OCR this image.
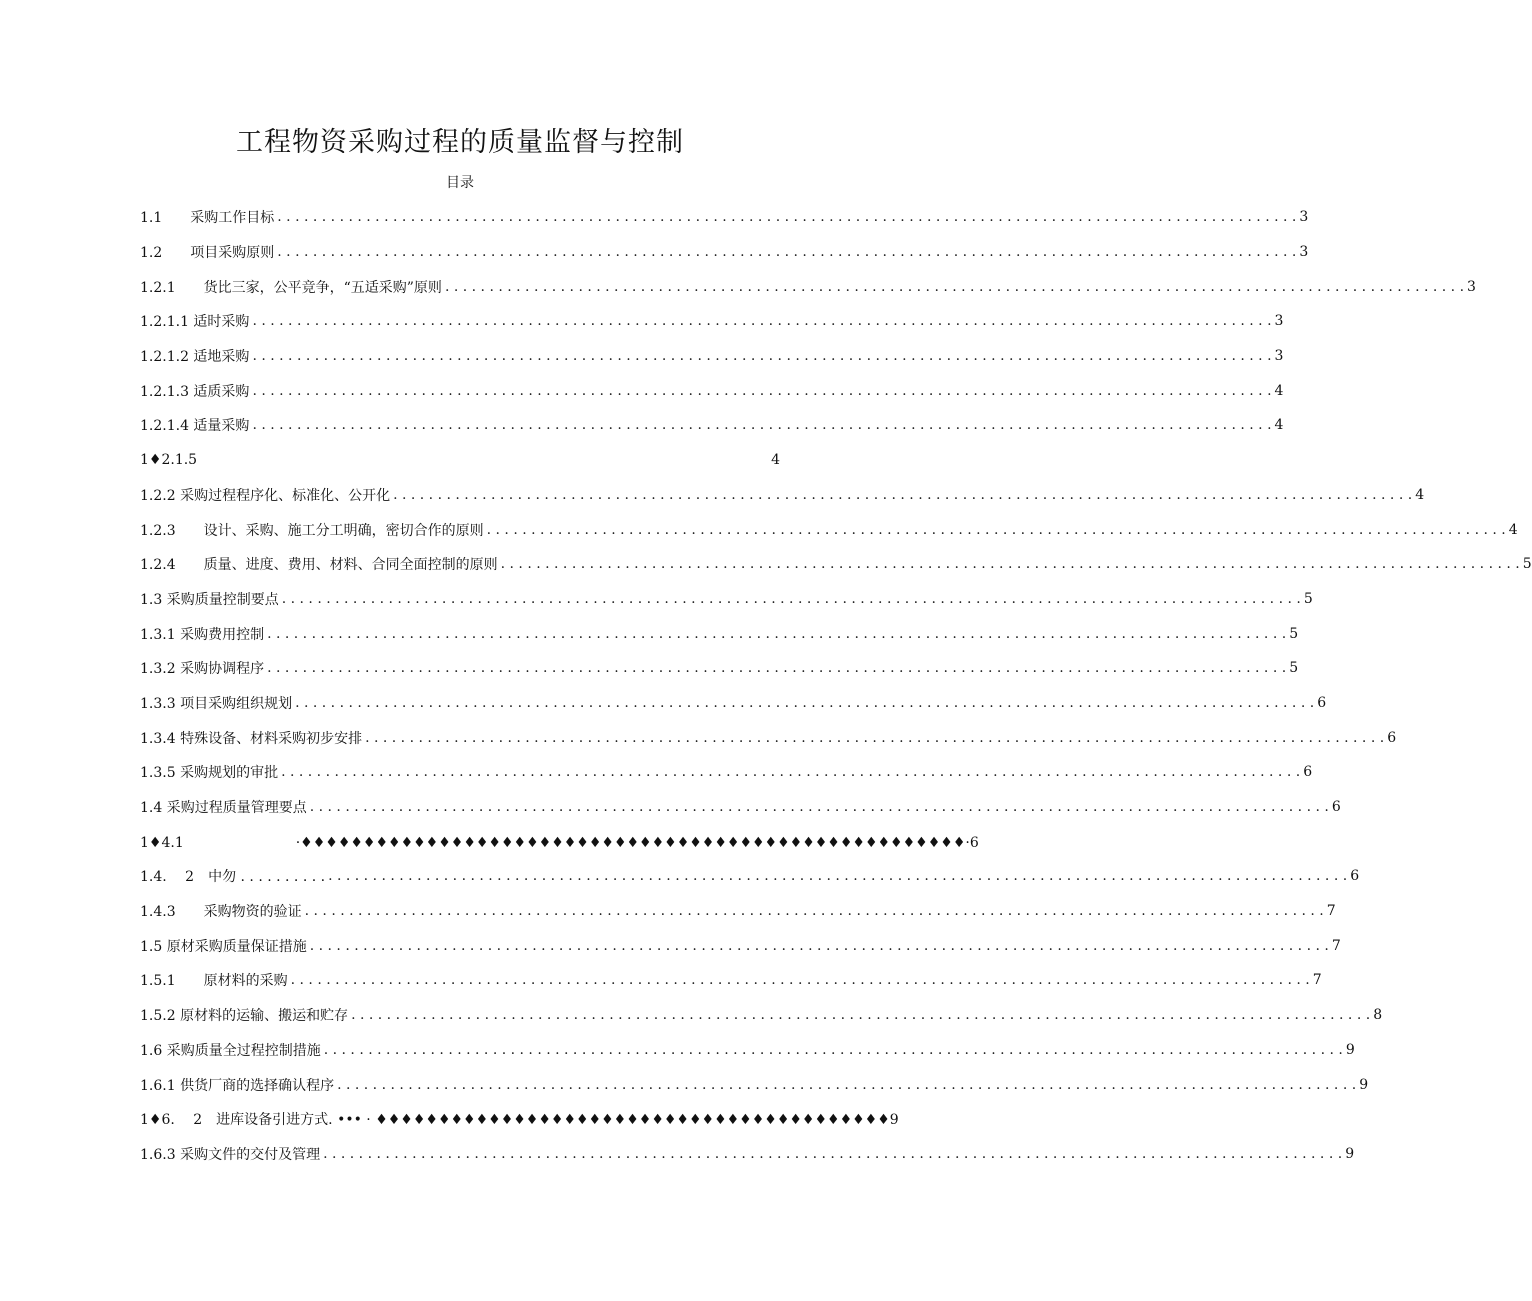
工程物资采购过程的质量监督与控制
目录
1.1　　采购工作目标 . . .	3
1.2　　项目采购原则 . . .	3
1.2.1　　货比三家，公平竞争，“五适采购”原则 . . .	3
1.2.1.1 适时采购 . . .	3
1.2.1.2 适地采购 . . .	3
1.2.1.3 适质采购 . . .	4
1.2.1.4 适量采购 . . .	4
1♦2.1.5	4
1.2.2 采购过程程序化、标准化、公开化 . . .	4
1.2.3　　设计、采购、施工分工明确，密切合作的原则 . . .	4
1.2.4　　质量、进度、费用、材料、合同全面控制的原则 . . .	5
1.3 采购质量控制要点 . . .	5
1.3.1 采购费用控制 . . .	5
1.3.2 采购协调程序 . . .	5
1.3.3 项目采购组织规划 . . .	6
1.3.4 特殊设备、材料采购初步安排 . . .	6
1.3.5 采购规划的审批 . . .	6
1.4 采购过程质量管理要点 . . .	6
1♦4.1　　　　　　　　·♦♦♦♦♦♦♦♦♦♦♦♦♦♦♦♦♦♦♦♦♦♦♦♦♦♦♦♦♦♦♦♦♦♦♦♦♦♦♦♦♦♦♦♦♦♦♦♦♦♦♦♦♦·6
1.4.　 2　中勿 . . . . . . . . . . . . .	6
1.4.3　　采购物资的验证 . . .	7
1.5 原材采购质量保证措施 . . .	7
1.5.1　　原材料的采购 . . .	7
1.5.2 原材料的运输、搬运和贮存 . . .	8
1.6 采购质量全过程控制措施 . . .	9
1.6.1 供货厂商的选择确认程序 . . .	9
1♦6.　 2　进库设备引进方式. ••• · ♦♦♦♦♦♦♦♦♦♦♦♦♦♦♦♦♦♦♦♦♦♦♦♦♦♦♦♦♦♦♦♦♦♦♦♦♦♦♦♦♦9
1.6.3 采购文件的交付及管理 . . .	9
